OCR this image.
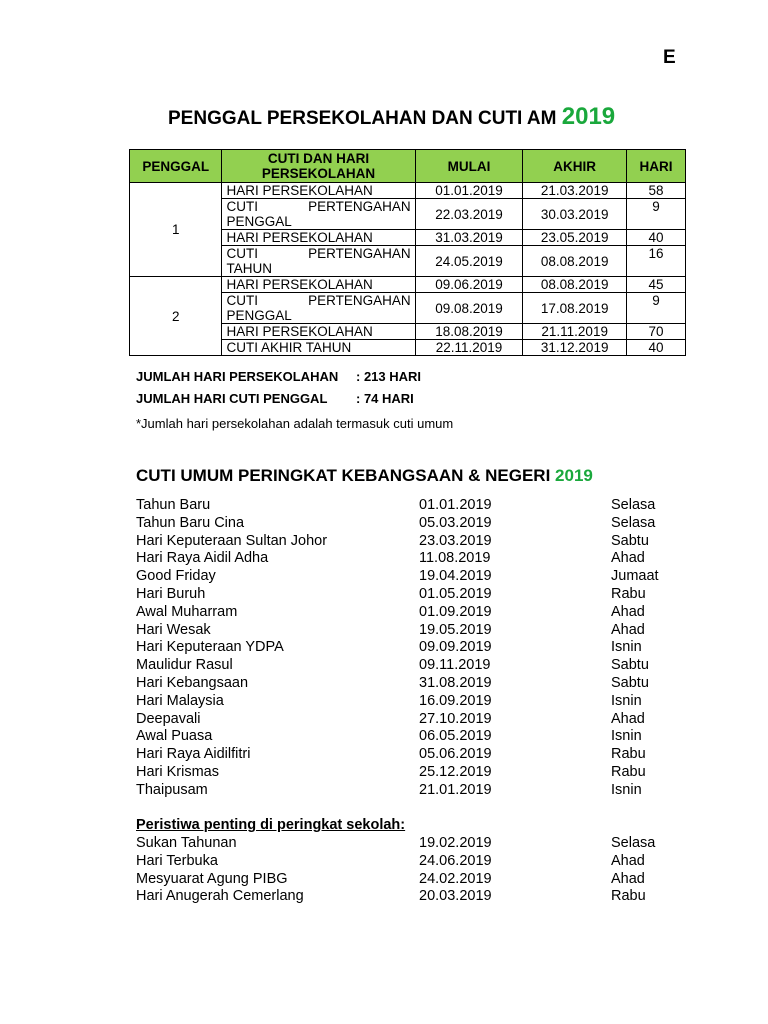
E
PENGGAL PERSEKOLAHAN DAN CUTI AM 2019
PENGGAL	CUTI DAN HARI PERSEKOLAHAN	MULAI	AKHIR	HARI
1	HARI PERSEKOLAHAN	01.01.2019	21.03.2019	58
	CUTI PERTENGAHAN PENGGAL	22.03.2019	30.03.2019	9
	HARI PERSEKOLAHAN	31.03.2019	23.05.2019	40
	CUTI PERTENGAHAN TAHUN	24.05.2019	08.08.2019	16
2	HARI PERSEKOLAHAN	09.06.2019	08.08.2019	45
	CUTI PERTENGAHAN PENGGAL	09.08.2019	17.08.2019	9
	HARI PERSEKOLAHAN	18.08.2019	21.11.2019	70
	CUTI AKHIR TAHUN	22.11.2019	31.12.2019	40
JUMLAH HARI PERSEKOLAHAN : 213 HARI
JUMLAH HARI CUTI PENGGAL : 74 HARI
*Jumlah hari persekolahan adalah termasuk cuti umum
CUTI UMUM PERINGKAT KEBANGSAAN & NEGERI 2019
Tahun Baru	01.01.2019	Selasa
Tahun Baru Cina	05.03.2019	Selasa
Hari Keputeraan Sultan Johor	23.03.2019	Sabtu
Hari Raya Aidil Adha	11.08.2019	Ahad
Good Friday	19.04.2019	Jumaat
Hari Buruh	01.05.2019	Rabu
Awal Muharram	01.09.2019	Ahad
Hari Wesak	19.05.2019	Ahad
Hari Keputeraan YDPA	09.09.2019	Isnin
Maulidur Rasul	09.11.2019	Sabtu
Hari Kebangsaan	31.08.2019	Sabtu
Hari Malaysia	16.09.2019	Isnin
Deepavali	27.10.2019	Ahad
Awal Puasa	06.05.2019	Isnin
Hari Raya Aidilfitri	05.06.2019	Rabu
Hari Krismas	25.12.2019	Rabu
Thaipusam	21.01.2019	Isnin
Peristiwa penting di peringkat sekolah:
Sukan Tahunan	19.02.2019	Selasa
Hari Terbuka	24.06.2019	Ahad
Mesyuarat Agung PIBG	24.02.2019	Ahad
Hari Anugerah Cemerlang	20.03.2019	Rabu
